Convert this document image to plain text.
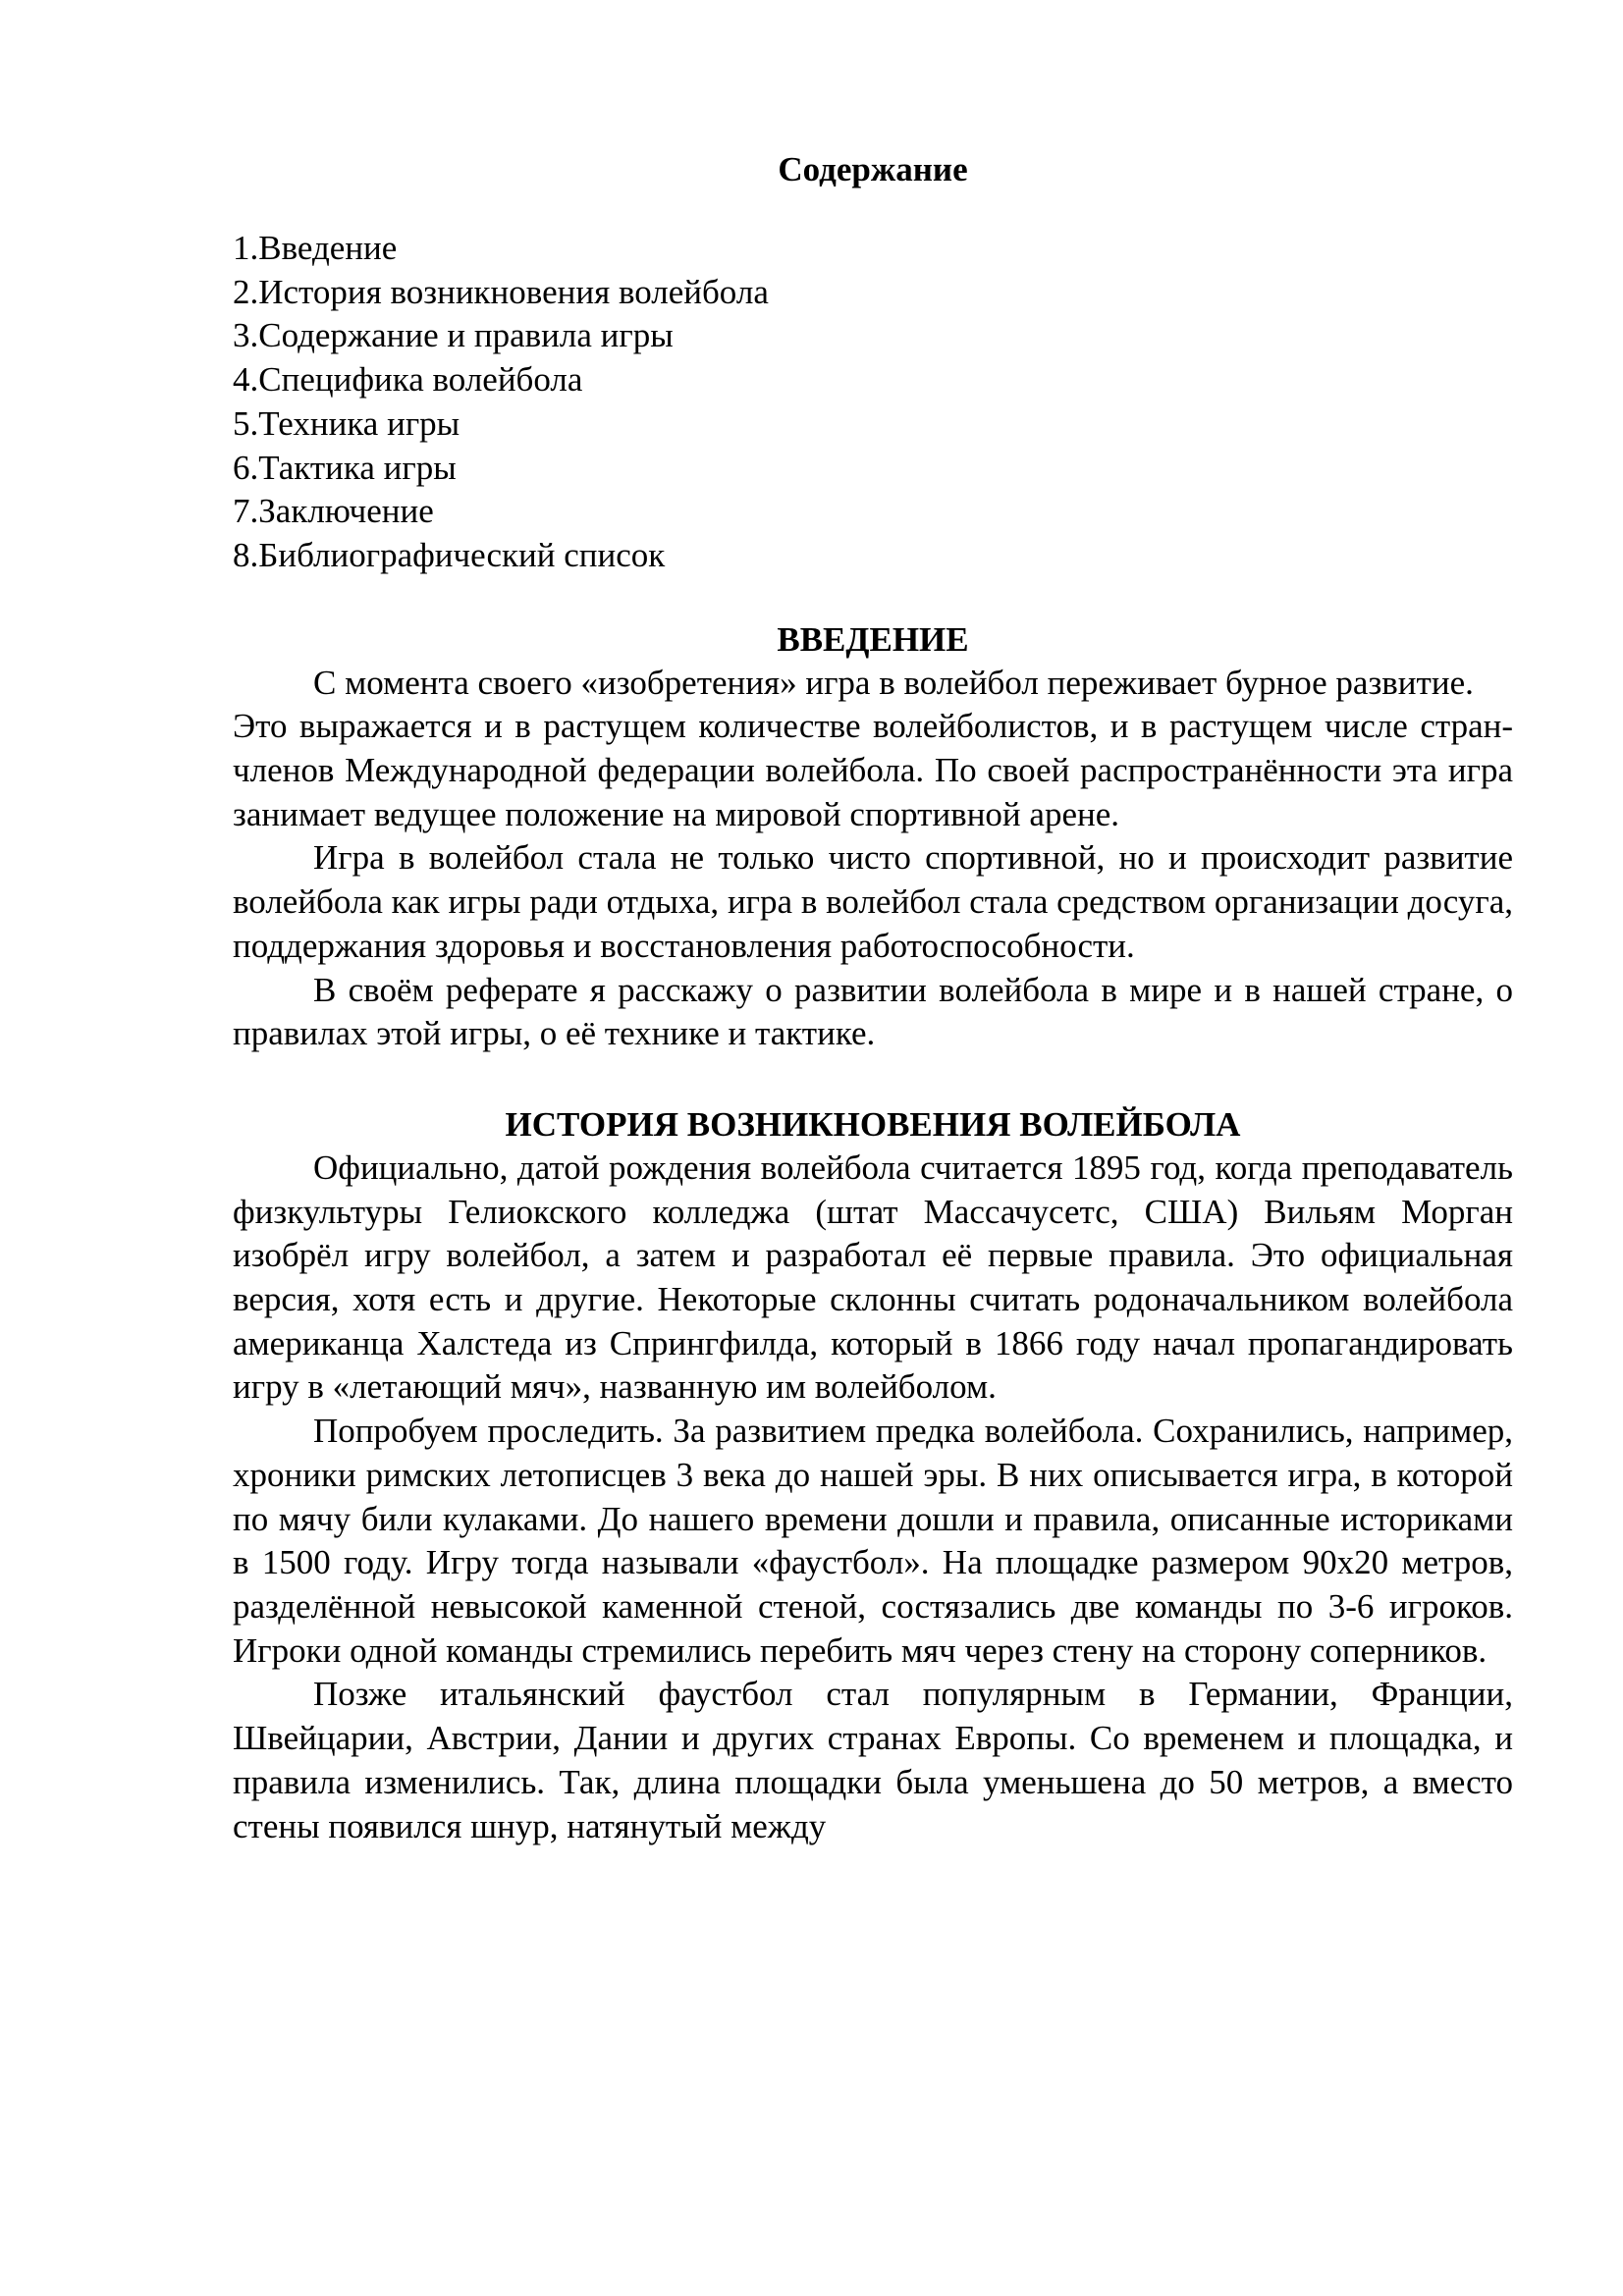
Содержание
1.Введение
2.История возникновения волейбола
3.Содержание и правила игры
4.Специфика волейбола
5.Техника игры
6.Тактика игры
7.Заключение
8.Библиографический список
ВВЕДЕНИЕ

С момента своего «изобретения» игра в волейбол переживает бурное развитие.

Это выражается и в растущем количестве волейболистов, и в растущем числе стран-членов Международной федерации волейбола. По своей распространённости эта игра занимает ведущее положение на мировой спортивной арене.

Игра в волейбол стала не только чисто спортивной, но и происходит развитие волейбола как игры ради отдыха, игра в волейбол стала средством организации досуга, поддержания здоровья и восстановления работоспособности.

В своём реферате я расскажу о развитии волейбола в мире и в нашей стране, о правилах этой игры, о её технике и тактике.

ИСТОРИЯ ВОЗНИКНОВЕНИЯ ВОЛЕЙБОЛА

Официально, датой рождения волейбола считается 1895 год, когда преподаватель физкультуры Гелиокского колледжа (штат Массачусетс, США) Вильям Морган изобрёл игру волейбол, а затем и разработал её первые правила. Это официальная версия, хотя есть и другие. Некоторые склонны считать родоначальником волейбола американца Халстеда из Спрингфилда, который в 1866 году начал пропагандировать игру в «летающий мяч», названную им волейболом.

Попробуем проследить. За развитием предка волейбола. Сохранились, например, хроники римских летописцев 3 века до нашей эры. В них описывается игра, в которой по мячу били кулаками. До нашего времени дошли и правила, описанные историками в 1500 году. Игру тогда называли «фаустбол». На площадке размером 90х20 метров, разделённой невысокой каменной стеной, состязались две команды по 3-6 игроков. Игроки одной команды стремились перебить мяч через стену на сторону соперников.

Позже итальянский фаустбол стал популярным в Германии, Франции, Швейцарии, Австрии, Дании и других странах Европы. Со временем и площадка, и правила изменились. Так, длина площадки была уменьшена до 50 метров, а вместо стены появился шнур, натянутый между
